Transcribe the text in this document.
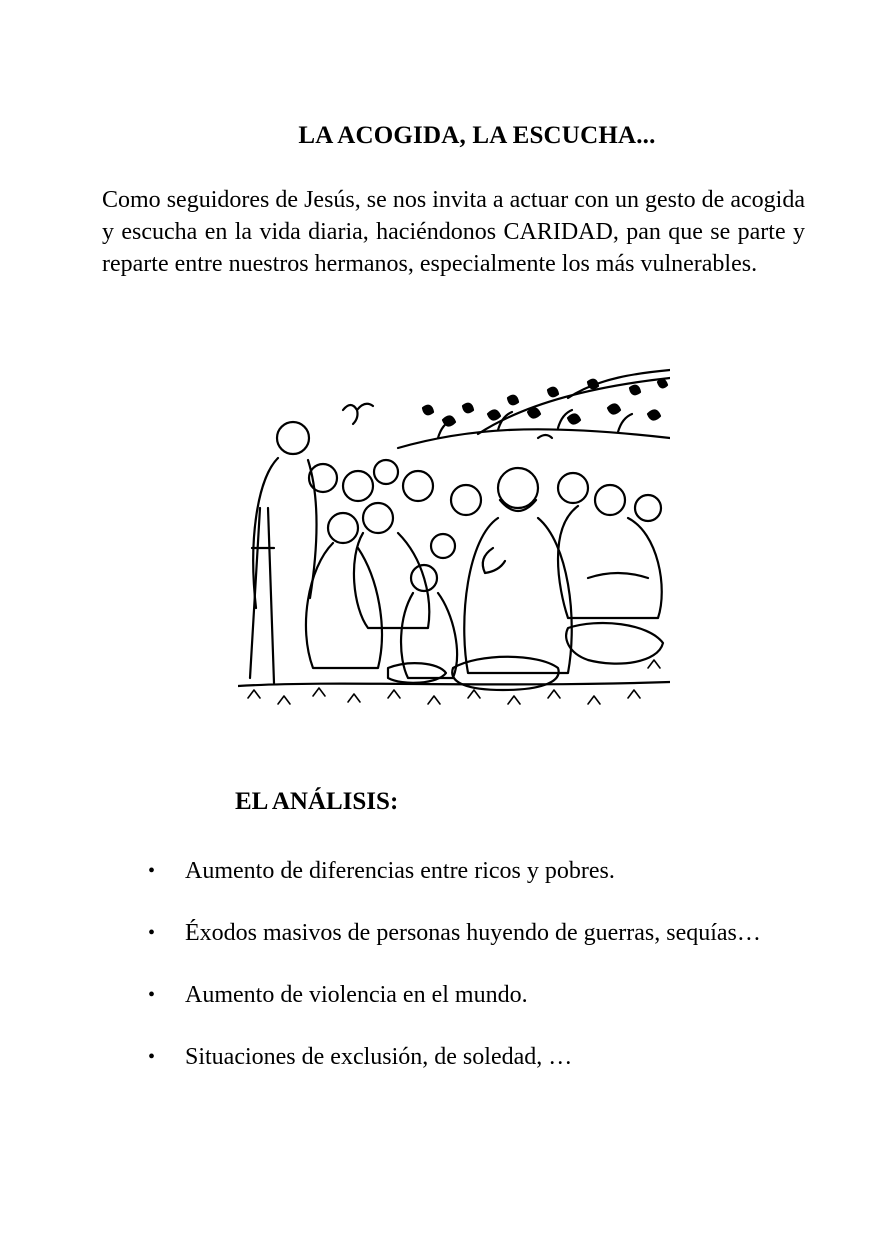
LA ACOGIDA, LA ESCUCHA...

Como seguidores de Jesús, se nos invita a actuar con un gesto de acogida y escucha en la vida diaria, haciéndonos CARIDAD, pan que se parte y reparte entre nuestros hermanos, especialmente los más vulnerables.

EL ANÁLISIS:
• Aumento de diferencias entre ricos y pobres.
• Éxodos masivos de personas huyendo de guerras, sequías…
• Aumento de violencia en el mundo.
• Situaciones de exclusión, de soledad, …
